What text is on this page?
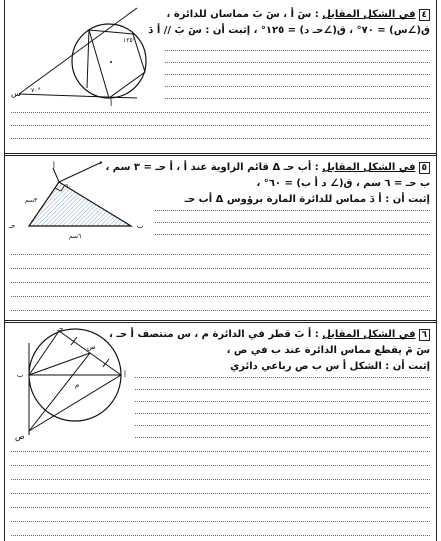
٤في الشكل المقابل : سَ أ ، سَ بَ مماسان للدائرة ،
ق(∠س) = ٧٠° ، ق(∠حـ د) = ١٢٥° ، إثبت أن : سَ بَ // أ دَ
س ٧٠°
١٢٥°
أ
٥في الشكل المقابل : أب حـ Δ قائم الزاوية عند أ ، أ حـ = ٣ سم ،
ب حـ = ٦ سم ، ق(∠ د أ ب) = ٦٠° ،
إثبت أن : أ دَ مماس للدائرة المارة برؤوس Δ أب حـ
د
أ
٦٠
٣سم
حـ	ب
٦سم
٦في الشكل المقابل : أ بَ قطر في الدائرة م ، س منتصف أ حـ ،
سَ مَ يقطع مماس الدائرة عند ب في ص ،
إثبت أن : الشكل أ س ب ص رباعي دائري
حـ
س
ب	أ
م
ص
